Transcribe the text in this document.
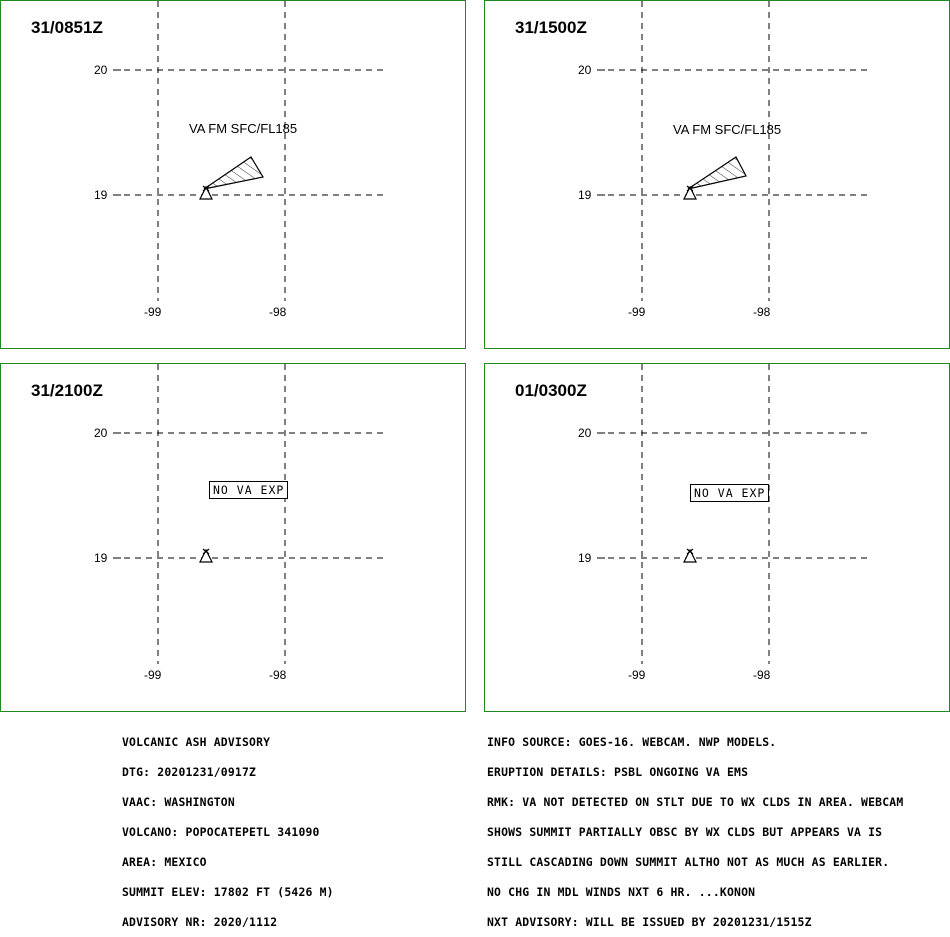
31/0851Z
VA FM SFC/FL185
20
19
-99	-98
31/1500Z
VA FM SFC/FL185
20
19
-99	-98
31/2100Z
NO VA EXP
20
19
-99	-98
01/0300Z
NO VA EXP
20
19
-99	-98

VOLCANIC ASH ADVISORY

DTG: 20201231/0917Z

VAAC: WASHINGTON

VOLCANO: POPOCATEPETL 341090

AREA: MEXICO

SUMMIT ELEV: 17802 FT (5426 M)

ADVISORY NR: 2020/1112

INFO SOURCE: GOES-16. WEBCAM. NWP MODELS.

ERUPTION DETAILS: PSBL ONGOING VA EMS

RMK: VA NOT DETECTED ON STLT DUE TO WX CLDS IN AREA. WEBCAM

SHOWS SUMMIT PARTIALLY OBSC BY WX CLDS BUT APPEARS VA IS

STILL CASCADING DOWN SUMMIT ALTHO NOT AS MUCH AS EARLIER.

NO CHG IN MDL WINDS NXT 6 HR. ...KONON

NXT ADVISORY: WILL BE ISSUED BY 20201231/1515Z
